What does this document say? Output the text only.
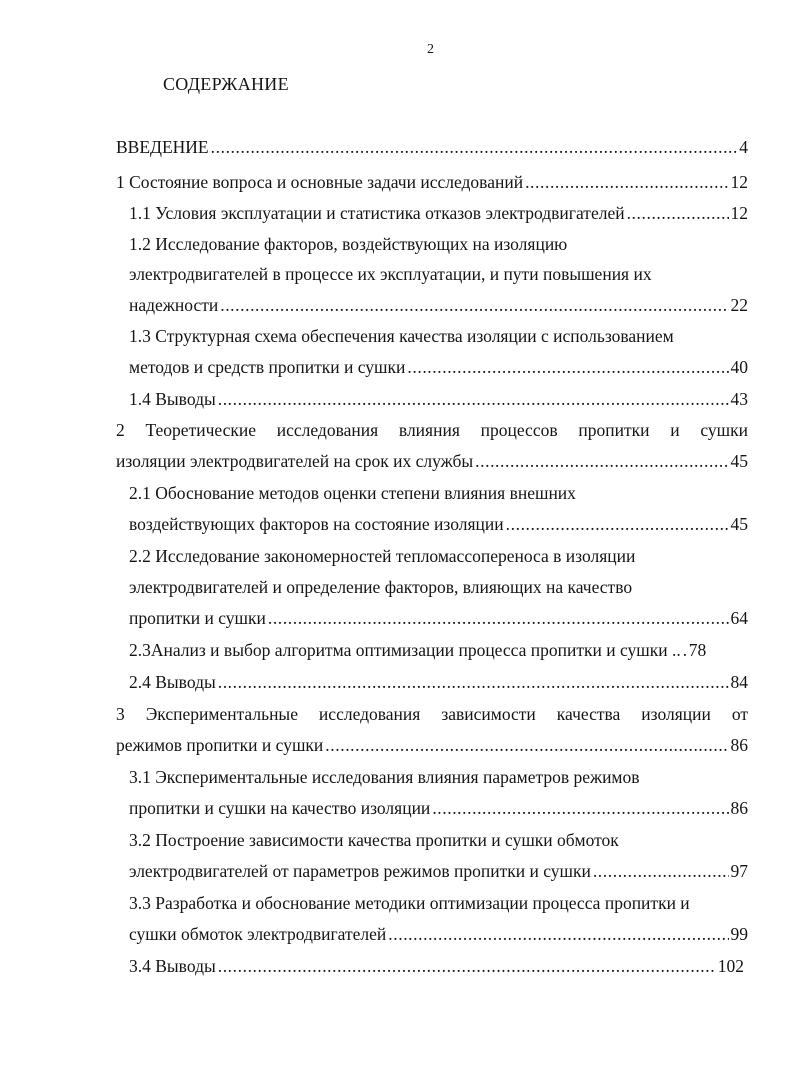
2
СОДЕРЖАНИЕ
ВВЕДЕНИЕ .....	4
1 Состояние вопроса и основные задачи исследований .....	12
1.1 Условия эксплуатации и статистика отказов электродвигателей .....	12
1.2 Исследование факторов, воздействующих на изоляцию
электродвигателей в процессе их эксплуатации, и пути повышения их
надежности .....	22
1.3 Структурная схема обеспечения качества изоляции с использованием
методов и средств пропитки и сушки .....	40
1.4 Выводы .....	43
2 Теоретические исследования влияния процессов пропитки и сушки
изоляции электродвигателей на срок их службы .....	45
2.1 Обоснование методов оценки степени влияния внешних
воздействующих факторов на состояние изоляции .....	45
2.2 Исследование закономерностей тепломассопереноса в изоляции
электродвигателей и определение факторов, влияющих на качество
пропитки и сушки .....	64
2.3Анализ и выбор алгоритма оптимизации процесса пропитки и сушки .. ..... 78
2.4 Выводы .....	84
3 Экспериментальные исследования зависимости качества изоляции от
режимов пропитки и сушки .....	86
3.1 Экспериментальные исследования влияния параметров режимов
пропитки и сушки на качество изоляции .....	86
3.2 Построение зависимости качества пропитки и сушки обмоток
электродвигателей от параметров режимов пропитки и сушки .....	97
3.3 Разработка и обоснование методики оптимизации процесса пропитки и
сушки обмоток электродвигателей .....	99
3.4 Выводы .....	102
